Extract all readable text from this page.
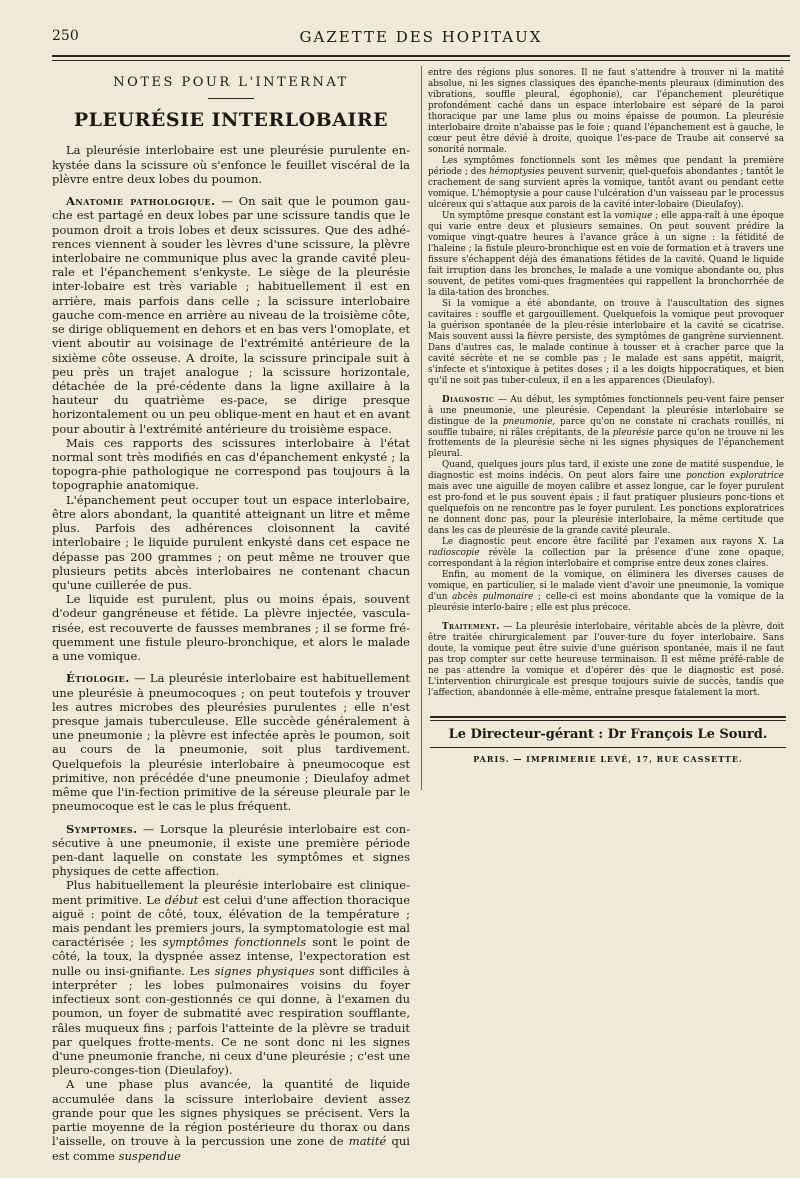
250	GAZETTE DES HOPITAUX
NOTES POUR L'INTERNAT
PLEURÉSIE INTERLOBAIRE

La pleurésie interlobaire est une pleurésie purulente en-kystée dans la scissure où s'enfonce le feuillet viscéral de la plèvre entre deux lobes du poumon.

Anatomie pathologique. — On sait que le poumon gau-che est partagé en deux lobes par une scissure tandis que le poumon droit a trois lobes et deux scissures. Que des adhé-rences viennent à souder les lèvres d'une scissure, la plèvre interlobaire ne communique plus avec la grande cavité pleu-rale et l'épanchement s'enkyste. Le siège de la pleurésie inter-lobaire est très variable ; habituellement il est en arrière, mais parfois dans celle ; la scissure interlobaire gauche com-mence en arrière au niveau de la troisième côte, se dirige obliquement en dehors et en bas vers l'omoplate, et vient aboutir au voisinage de l'extrémité antérieure de la sixième côte osseuse. A droite, la scissure principale suit à peu près un trajet analogue ; la scissure horizontale, détachée de la pré-cédente dans la ligne axillaire à la hauteur du quatrième es-pace, se dirige presque horizontalement ou un peu oblique-ment en haut et en avant pour aboutir à l'extrémité antérieure du troisième espace.

Mais ces rapports des scissures interlobaire à l'état normal sont très modifiés en cas d'épanchement enkysté ; la topogra-phie pathologique ne correspond pas toujours à la topographie anatomique.

L'épanchement peut occuper tout un espace interlobaire, être alors abondant, la quantité atteignant un litre et même plus. Parfois des adhérences cloisonnent la cavité interlobaire ; le liquide purulent enkysté dans cet espace ne dépasse pas 200 grammes ; on peut même ne trouver que plusieurs petits abcès interlobaires ne contenant chacun qu'une cuillerée de pus.

Le liquide est purulent, plus ou moins épais, souvent d'odeur gangréneuse et fétide. La plèvre injectée, vascula-risée, est recouverte de fausses membranes ; il se forme fré-quemment une fistule pleuro-bronchique, et alors le malade a une vomique.

Étiologie. — La pleurésie interlobaire est habituellement une pleurésie à pneumocoques ; on peut toutefois y trouver les autres microbes des pleurésies purulentes ; elle n'est presque jamais tuberculeuse. Elle succède généralement à une pneumonie ; la plèvre est infectée après le poumon, soit au cours de la pneumonie, soit plus tardivement. Quelquefois la pleurésie interlobaire à pneumocoque est primitive, non précédée d'une pneumonie ; Dieulafoy admet même que l'in-fection primitive de la séreuse pleurale par le pneumocoque est le cas le plus fréquent.

Symptomes. — Lorsque la pleurésie interlobaire est con-sécutive à une pneumonie, il existe une première période pen-dant laquelle on constate les symptômes et signes physiques de cette affection.

Plus habituellement la pleurésie interlobaire est clinique-ment primitive. Le début est celui d'une affection thoracique aiguë : point de côté, toux, élévation de la température ; mais pendant les premiers jours, la symptomatologie est mal caractérisée ; les symptômes fonctionnels sont le point de côté, la toux, la dyspnée assez intense, l'expectoration est nulle ou insi-gnifiante. Les signes physiques sont difficiles à interpréter ; les lobes pulmonaires voisins du foyer infectieux sont con-gestionnés ce qui donne, à l'examen du poumon, un foyer de submatité avec respiration soufflante, râles muqueux fins ; parfois l'atteinte de la plèvre se traduit par quelques frotte-ments. Ce ne sont donc ni les signes d'une pneumonie franche, ni ceux d'une pleurésie ; c'est une pleuro-conges-tion (Dieulafoy).

A une phase plus avancée, la quantité de liquide accumulée dans la scissure interlobaire devient assez grande pour que les signes physiques se précisent. Vers la partie moyenne de la région postérieure du thorax ou dans l'aisselle, on trouve à la percussion une zone de matité qui est comme suspendue

entre des régions plus sonores. Il ne faut s'attendre à trouver ni la matité absolue, ni les signes classiques des épanche-ments pleuraux (diminution des vibrations, souffle pleural, égophonie), car l'épanchement pleurétique profondément caché dans un espace interlobaire est séparé de la paroi thoracique par une lame plus ou moins épaisse de poumon. La pleurésie interlobaire droite n'abaisse pas le foie ; quand l'épanchement est à gauche, le cœur peut être dévié à droite, quoique l'es-pace de Traube ait conservé sa sonorité normale.

Les symptômes fonctionnels sont les mêmes que pendant la première période ; des hémoptysies peuvent survenir, quel-quefois abondantes ; tantôt le crachement de sang survient après la vomique, tantôt avant ou pendant cette vomique. L'hémoptysie a pour cause l'ulcération d'un vaisseau par le processus ulcéreux qui s'attaque aux parois de la cavité inter-lobaire (Dieulafoy).

Un symptôme presque constant est la vomique ; elle appa-raît à une époque qui varie entre deux et plusieurs semaines. On peut souvent prédire la vomique vingt-quatre heures à l'avance grâce à un signe : la fétidité de l'haleine ; la fistule pleuro-bronchique est en voie de formation et à travers une fissure s'échappent déjà des émanations fétides de la cavité. Quand le liquide fait irruption dans les bronches, le malade a une vomique abondante ou, plus souvent, de petites vomi-ques fragmentées qui rappellent la bronchorrhée de la dila-tation des bronches.

Si la vomique a été abondante, on trouve à l'auscultation des signes cavitaires : souffle et gargouillement. Quelquefois la vomique peut provoquer la guérison spontanée de la pleu-résie interlobaire et la cavité se cicatrise. Mais souvent aussi la fièvre persiste, des symptômes de gangrène surviennent. Dans d'autres cas, le malade continue à tousser et à cracher parce que la cavité sécrète et ne se comble pas ; le malade est sans appétit, maigrit, s'infecte et s'intoxique à petites doses ; il a les doigts hippocratiques, et bien qu'il ne soit pas tuber-culeux, il en a les apparences (Dieulafoy).

Diagnostic — Au début, les symptômes fonctionnels peu-vent faire penser à une pneumonie, une pleurésie. Cependant la pleurésie interlobaire se distingue de la pneumonie, parce qu'on ne constate ni crachats rouillés, ni souffle tubaire, ni râles crépitants, de la pleurésie parce qu'on ne trouve ni les frottements de la pleurésie sèche ni les signes physiques de l'épanchement pleural.

Quand, quelques jours plus tard, il existe une zone de matité suspendue, le diagnostic est moins indécis. On peut alors faire une ponction exploratrice mais avec une aiguille de moyen calibre et assez longue, car le foyer purulent est pro-fond et le pus souvent épais ; il faut pratiquer plusieurs ponc-tions et quelquefois on ne rencontre pas le foyer purulent. Les ponctions exploratrices ne donnent donc pas, pour la pleurésie interlobaire, la même certitude que dans les cas de pleurésie de la grande cavité pleurale.

Le diagnostic peut encore être facilité par l'examen aux rayons X. La radioscopie révèle la collection par la présence d'une zone opaque, correspondant à la région interlobaire et comprise entre deux zones claires.

Enfin, au moment de la vomique, on éliminera les diverses causes de vomique, en particulier, si le malade vient d'avoir une pneumonie, la vomique d'un abcès pulmonaire ; celle-ci est moins abondante que la vomique de la pleurésie interlo-baire ; elle est plus précoce.

Traitement. — La pleurésie interlobaire, véritable abcès de la plèvre, doit être traitée chirurgicalement par l'ouver-ture du foyer interlobaire. Sans doute, la vomique peut être suivie d'une guérison spontanée, mais il ne faut pas trop compter sur cette heureuse terminaison. Il est même préfé-rable de ne pas attendre la vomique et d'opérer dès que le diagnostic est posé. L'intervention chirurgicale est presque toujours suivie de succès, tandis que l'affection, abandonnée à elle-même, entraîne presque fatalement la mort.

Le Directeur-gérant : Dr François Le Sourd.
PARIS. — IMPRIMERIE LEVÉ, 17, RUE CASSETTE.
